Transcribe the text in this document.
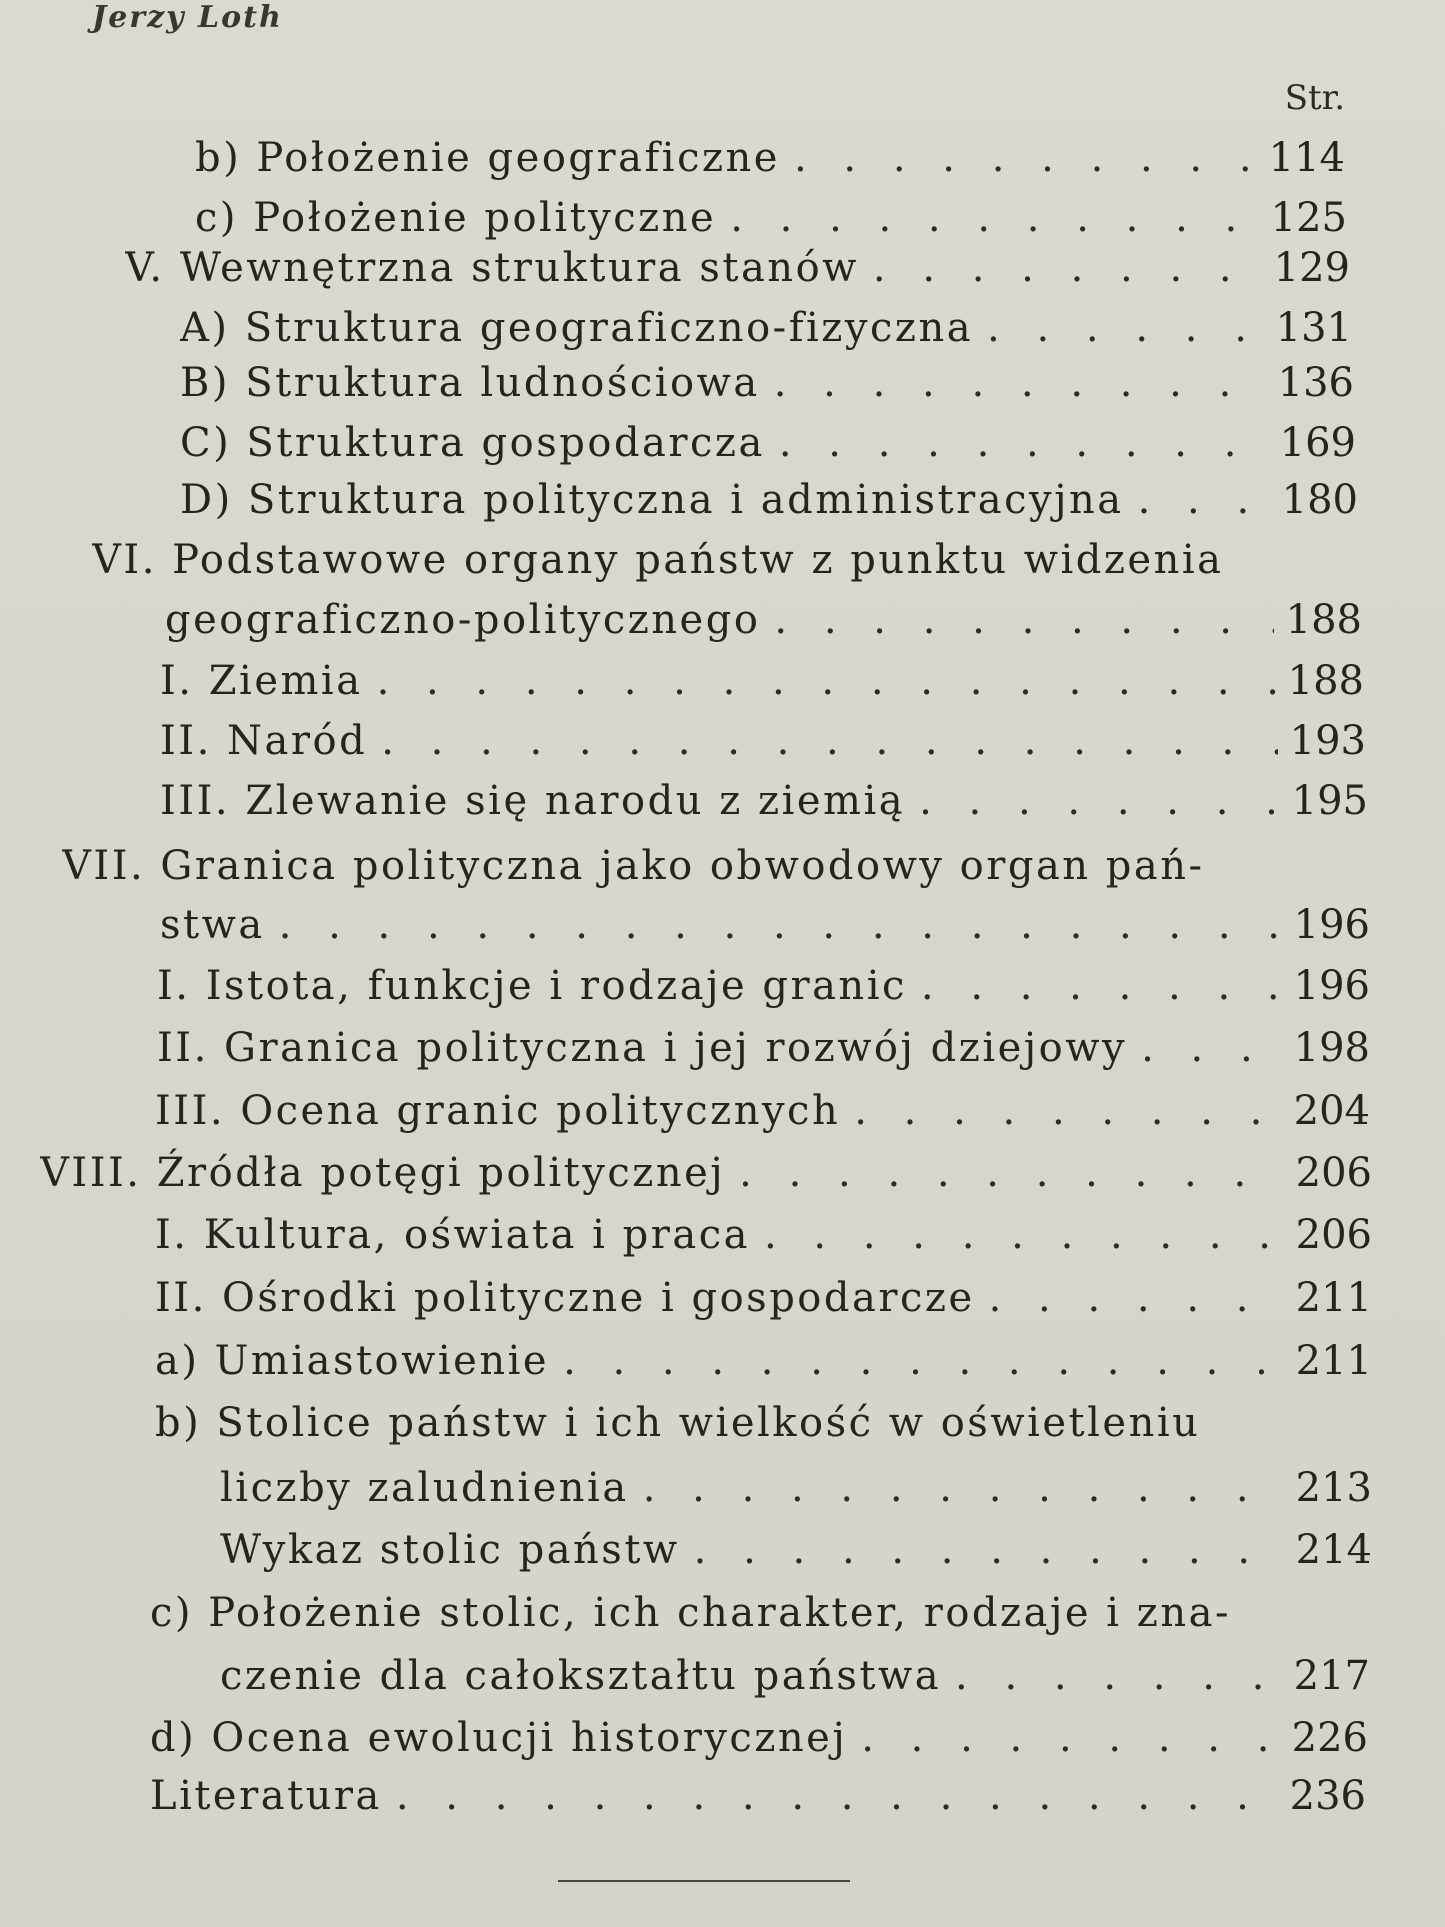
Jerzy Loth
Str.
b) Położenie geograficzne . . .	114
c) Położenie polityczne . . .	125
V. Wewnętrzna struktura stanów . . .	129
A) Struktura geograficzno-fizyczna . . .	131
B) Struktura ludnościowa . . .	136
C) Struktura gospodarcza . . .	169
D) Struktura polityczna i administracyjna . . .	180
VI. Podstawowe organy państw z punktu widzenia
geograficzno-politycznego . . .	188
I. Ziemia . . .	188
II. Naród . . .	193
III. Zlewanie się narodu z ziemią . . .	195
VII. Granica polityczna jako obwodowy organ pań-
stwa . . .	196
I. Istota, funkcje i rodzaje granic . . .	196
II. Granica polityczna i jej rozwój dziejowy . . .	198
III. Ocena granic politycznych . . .	204
VIII. Źródła potęgi politycznej . . .	206
I. Kultura, oświata i praca . . .	206
II. Ośrodki polityczne i gospodarcze . . .	211
a) Umiastowienie . . .	211
b) Stolice państw i ich wielkość w oświetleniu
liczby zaludnienia . . .	213
Wykaz stolic państw . . .	214
c) Położenie stolic, ich charakter, rodzaje i zna-
czenie dla całokształtu państwa . . .	217
d) Ocena ewolucji historycznej . . .	226
Literatura . . .	236
